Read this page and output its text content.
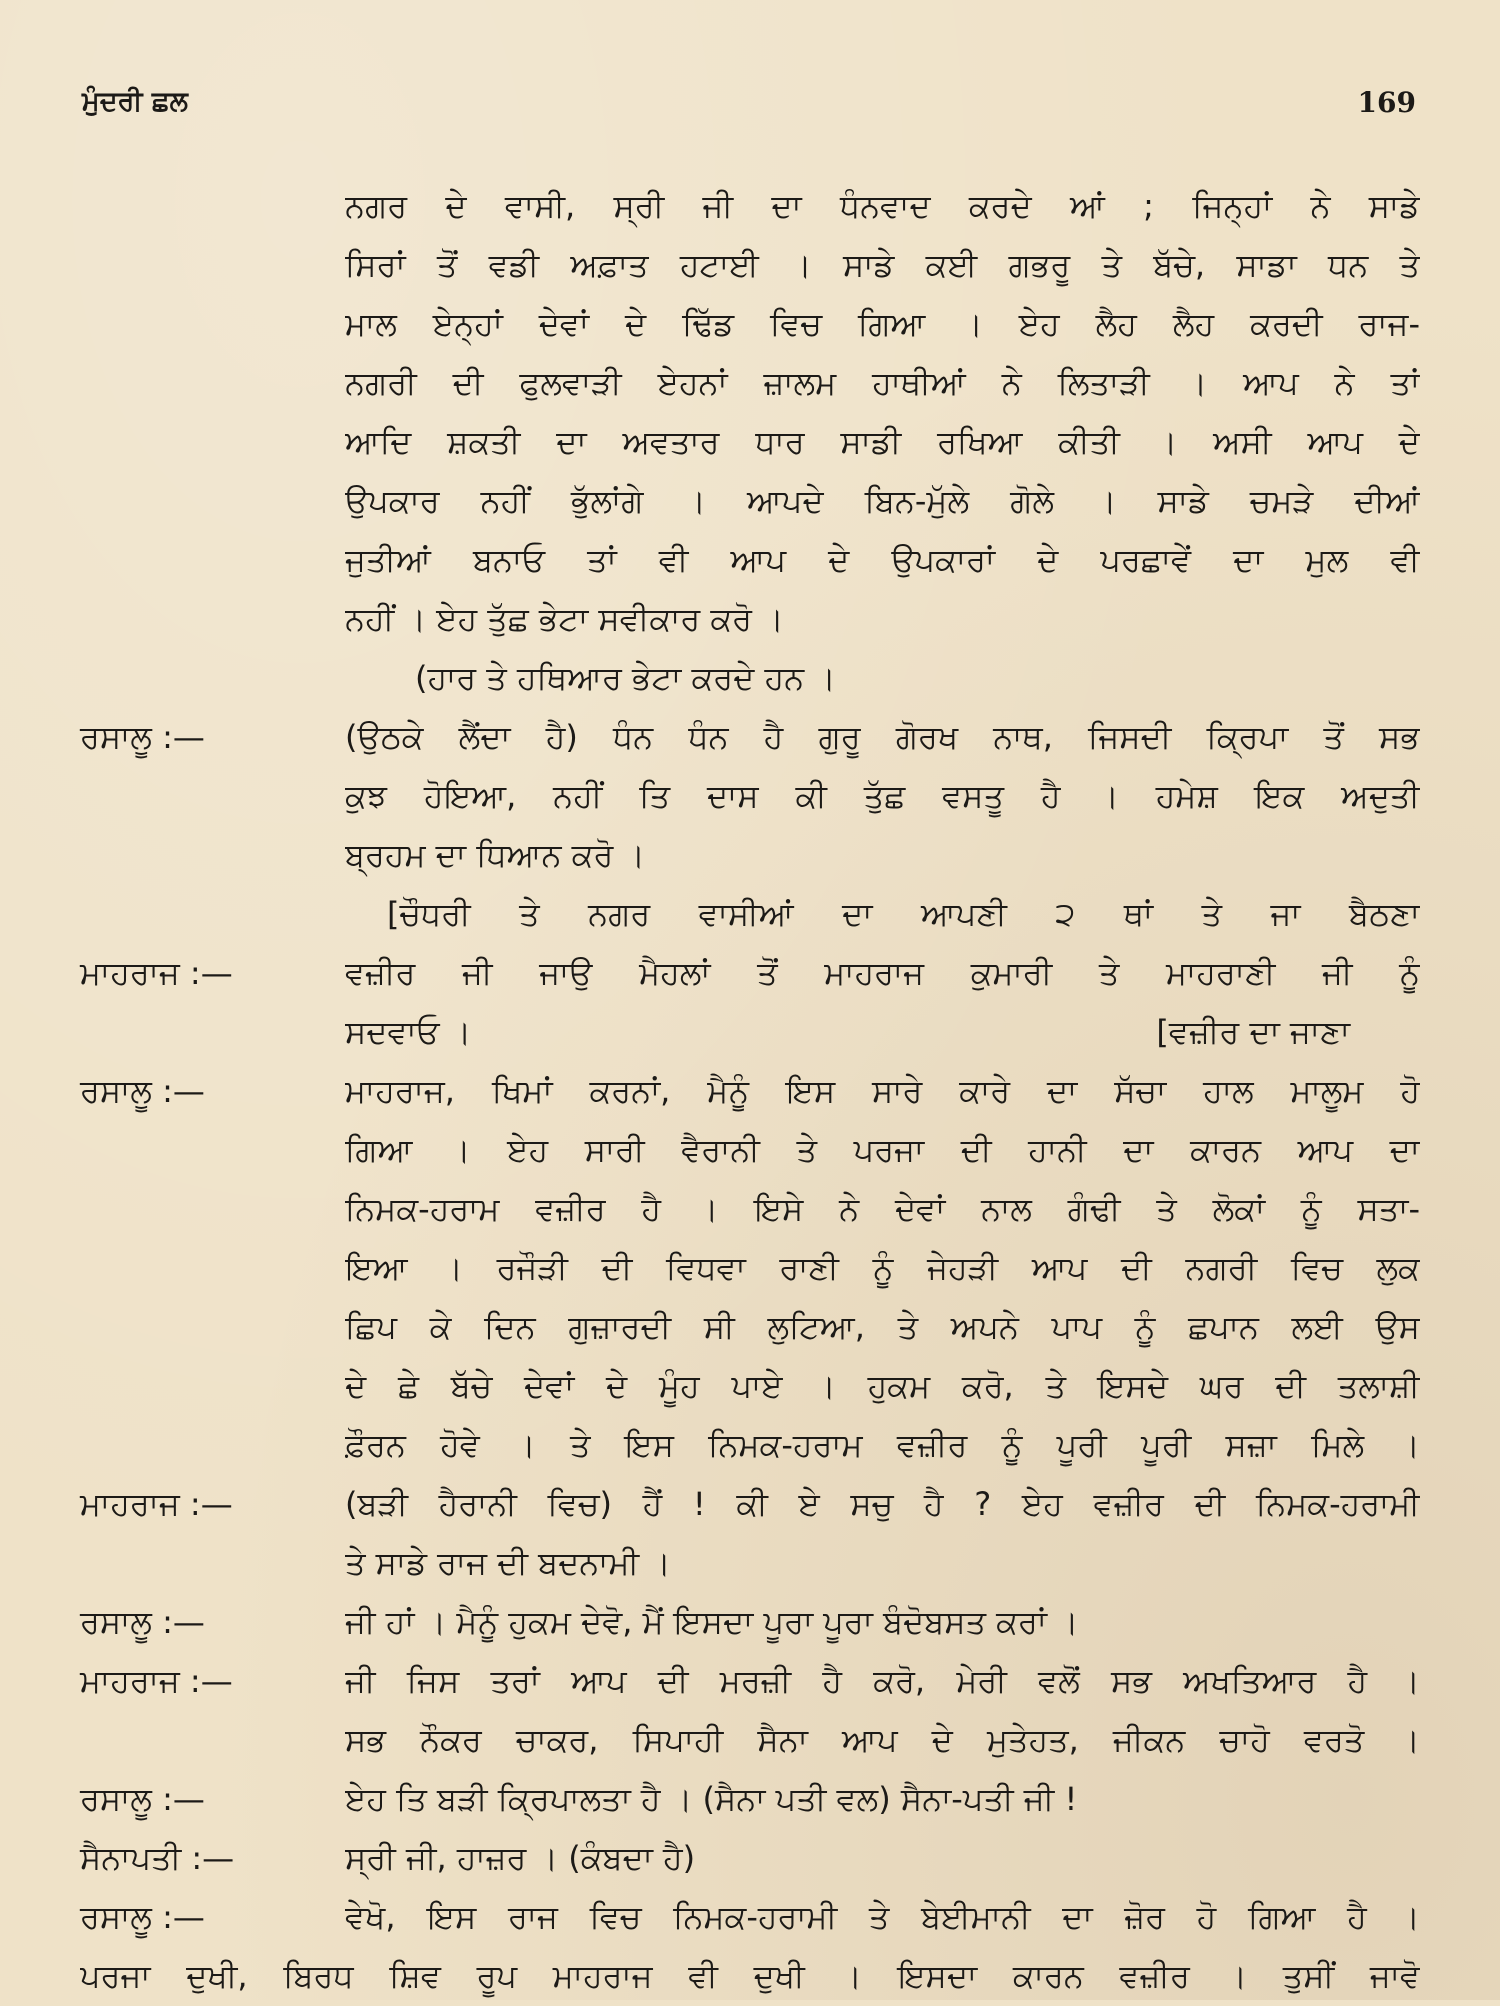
ਮੁੰਦਰੀ ਛਲ	169
ਨਗਰ ਦੇ ਵਾਸੀ, ਸ੍ਰੀ ਜੀ ਦਾ ਧੰਨਵਾਦ ਕਰਦੇ ਆਂ ; ਜਿਨ੍ਹਾਂ ਨੇ ਸਾਡੇ
ਸਿਰਾਂ ਤੋਂ ਵਡੀ ਅਫ਼ਾਤ ਹਟਾਈ । ਸਾਡੇ ਕਈ ਗਭਰੂ ਤੇ ਬੱਚੇ, ਸਾਡਾ ਧਨ ਤੇ
ਮਾਲ ਏਨ੍ਹਾਂ ਦੇਵਾਂ ਦੇ ਢਿੱਡ ਵਿਚ ਗਿਆ । ਏਹ ਲੈਹ ਲੈਹ ਕਰਦੀ ਰਾਜ-
ਨਗਰੀ ਦੀ ਫੁਲਵਾੜੀ ਏਹਨਾਂ ਜ਼ਾਲਮ ਹਾਥੀਆਂ ਨੇ ਲਿਤਾੜੀ । ਆਪ ਨੇ ਤਾਂ
ਆਦਿ ਸ਼ਕਤੀ ਦਾ ਅਵਤਾਰ ਧਾਰ ਸਾਡੀ ਰਖਿਆ ਕੀਤੀ । ਅਸੀ ਆਪ ਦੇ
ਉਪਕਾਰ ਨਹੀਂ ਭੁੱਲਾਂਗੇ । ਆਪਦੇ ਬਿਨ-ਮੁੱਲੇ ਗੋਲੇ । ਸਾਡੇ ਚਮੜੇ ਦੀਆਂ
ਜੁਤੀਆਂ ਬਨਾਓ ਤਾਂ ਵੀ ਆਪ ਦੇ ਉਪਕਾਰਾਂ ਦੇ ਪਰਛਾਵੇਂ ਦਾ ਮੁਲ ਵੀ
ਨਹੀਂ । ਏਹ ਤੁੱਛ ਭੇਟਾ ਸਵੀਕਾਰ ਕਰੋ ।
(ਹਾਰ ਤੇ ਹਥਿਆਰ ਭੇਟਾ ਕਰਦੇ ਹਨ ।
ਰਸਾਲੂ :—	(ਉਠਕੇ ਲੈਂਦਾ ਹੈ) ਧੰਨ ਧੰਨ ਹੈ ਗੁਰੂ ਗੋਰਖ ਨਾਥ, ਜਿਸਦੀ ਕ੍ਰਿਪਾ ਤੋਂ ਸਭ
ਕੁਝ ਹੋਇਆ, ਨਹੀਂ ਤਿ ਦਾਸ ਕੀ ਤੁੱਛ ਵਸਤੂ ਹੈ । ਹਮੇਸ਼ ਇਕ ਅਦੁਤੀ
ਬ੍ਰਹਮ ਦਾ ਧਿਆਨ ਕਰੋ ।
[ਚੌਧਰੀ ਤੇ ਨਗਰ ਵਾਸੀਆਂ ਦਾ ਆਪਣੀ ੨ ਥਾਂ ਤੇ ਜਾ ਬੈਠਣਾ
ਮਾਹਰਾਜ :—	ਵਜ਼ੀਰ ਜੀ ਜਾਉ ਮੈਹਲਾਂ ਤੋਂ ਮਾਹਰਾਜ ਕੁਮਾਰੀ ਤੇ ਮਾਹਰਾਣੀ ਜੀ ਨੂੰ
ਸਦਵਾਓ ।	[ਵਜ਼ੀਰ ਦਾ ਜਾਣਾ
ਰਸਾਲੂ :—	ਮਾਹਰਾਜ, ਖਿਮਾਂ ਕਰਨਾਂ, ਮੈਨੂੰ ਇਸ ਸਾਰੇ ਕਾਰੇ ਦਾ ਸੱਚਾ ਹਾਲ ਮਾਲੂਮ ਹੋ
ਗਿਆ । ਏਹ ਸਾਰੀ ਵੈਰਾਨੀ ਤੇ ਪਰਜਾ ਦੀ ਹਾਨੀ ਦਾ ਕਾਰਨ ਆਪ ਦਾ
ਨਿਮਕ-ਹਰਾਮ ਵਜ਼ੀਰ ਹੈ । ਇਸੇ ਨੇ ਦੇਵਾਂ ਨਾਲ ਗੰਢੀ ਤੇ ਲੋਕਾਂ ਨੂੰ ਸਤਾ-
ਇਆ । ਰਜੌੜੀ ਦੀ ਵਿਧਵਾ ਰਾਣੀ ਨੂੰ ਜੇਹੜੀ ਆਪ ਦੀ ਨਗਰੀ ਵਿਚ ਲੁਕ
ਛਿਪ ਕੇ ਦਿਨ ਗੁਜ਼ਾਰਦੀ ਸੀ ਲੁਟਿਆ, ਤੇ ਅਪਨੇ ਪਾਪ ਨੂੰ ਛਪਾਨ ਲਈ ਉਸ
ਦੇ ਛੇ ਬੱਚੇ ਦੇਵਾਂ ਦੇ ਮੂੰਹ ਪਾਏ । ਹੁਕਮ ਕਰੋ, ਤੇ ਇਸਦੇ ਘਰ ਦੀ ਤਲਾਸ਼ੀ
ਫ਼ੌਰਨ ਹੋਵੇ । ਤੇ ਇਸ ਨਿਮਕ-ਹਰਾਮ ਵਜ਼ੀਰ ਨੂੰ ਪੂਰੀ ਪੂਰੀ ਸਜ਼ਾ ਮਿਲੇ ।
ਮਾਹਰਾਜ :—	(ਬੜੀ ਹੈਰਾਨੀ ਵਿਚ) ਹੈਂ ! ਕੀ ਏ ਸਚੁ ਹੈ ? ਏਹ ਵਜ਼ੀਰ ਦੀ ਨਿਮਕ-ਹਰਾਮੀ
ਤੇ ਸਾਡੇ ਰਾਜ ਦੀ ਬਦਨਾਮੀ ।
ਰਸਾਲੂ :—	ਜੀ ਹਾਂ । ਮੈਨੂੰ ਹੁਕਮ ਦੇਵੋ, ਮੈਂ ਇਸਦਾ ਪੂਰਾ ਪੂਰਾ ਬੰਦੋਬਸਤ ਕਰਾਂ ।
ਮਾਹਰਾਜ :—	ਜੀ ਜਿਸ ਤਰਾਂ ਆਪ ਦੀ ਮਰਜ਼ੀ ਹੈ ਕਰੋ, ਮੇਰੀ ਵਲੋਂ ਸਭ ਅਖਤਿਆਰ ਹੈ ।
ਸਭ ਨੌਕਰ ਚਾਕਰ, ਸਿਪਾਹੀ ਸੈਨਾ ਆਪ ਦੇ ਮੁਤੇਹਤ, ਜੀਕਨ ਚਾਹੋ ਵਰਤੋ ।
ਰਸਾਲੂ :—	ਏਹ ਤਿ ਬੜੀ ਕ੍ਰਿਪਾਲਤਾ ਹੈ । (ਸੈਨਾ ਪਤੀ ਵਲ) ਸੈਨਾ-ਪਤੀ ਜੀ !
ਸੈਨਾਪਤੀ :—	ਸ੍ਰੀ ਜੀ, ਹਾਜ਼ਰ । (ਕੰਬਦਾ ਹੈ)
ਰਸਾਲੂ :—	ਵੇਖੋ, ਇਸ ਰਾਜ ਵਿਚ ਨਿਮਕ-ਹਰਾਮੀ ਤੇ ਬੇਈਮਾਨੀ ਦਾ ਜ਼ੋਰ ਹੋ ਗਿਆ ਹੈ ।
ਪਰਜਾ ਦੁਖੀ, ਬਿਰਧ ਸ਼ਿਵ ਰੂਪ ਮਾਹਰਾਜ ਵੀ ਦੁਖੀ । ਇਸਦਾ ਕਾਰਨ ਵਜ਼ੀਰ । ਤੁਸੀਂ ਜਾਵੋ
